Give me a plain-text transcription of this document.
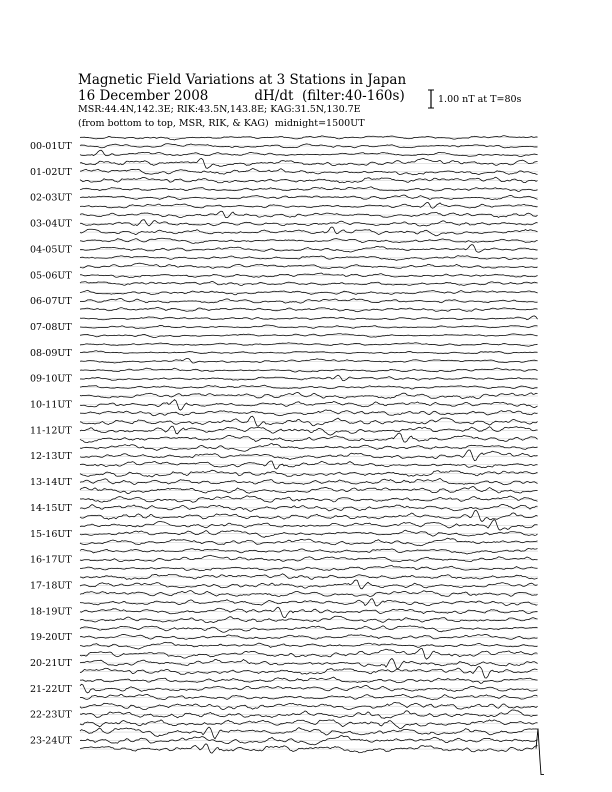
Magnetic Field Variations at 3 Stations in Japan
16 December 2008	dH/dt (filter:40-160s)
MSR:44.4N,142.3E; RIK:43.5N,143.8E; KAG:31.5N,130.7E
(from bottom to top, MSR, RIK, & KAG) midnight=1500UT
1.00 nT at T=80s
00-01UT
01-02UT
02-03UT
03-04UT
04-05UT
05-06UT
06-07UT
07-08UT
08-09UT
09-10UT
10-11UT
11-12UT
12-13UT
13-14UT
14-15UT
15-16UT
16-17UT
17-18UT
18-19UT
19-20UT
20-21UT
21-22UT
22-23UT
23-24UT
